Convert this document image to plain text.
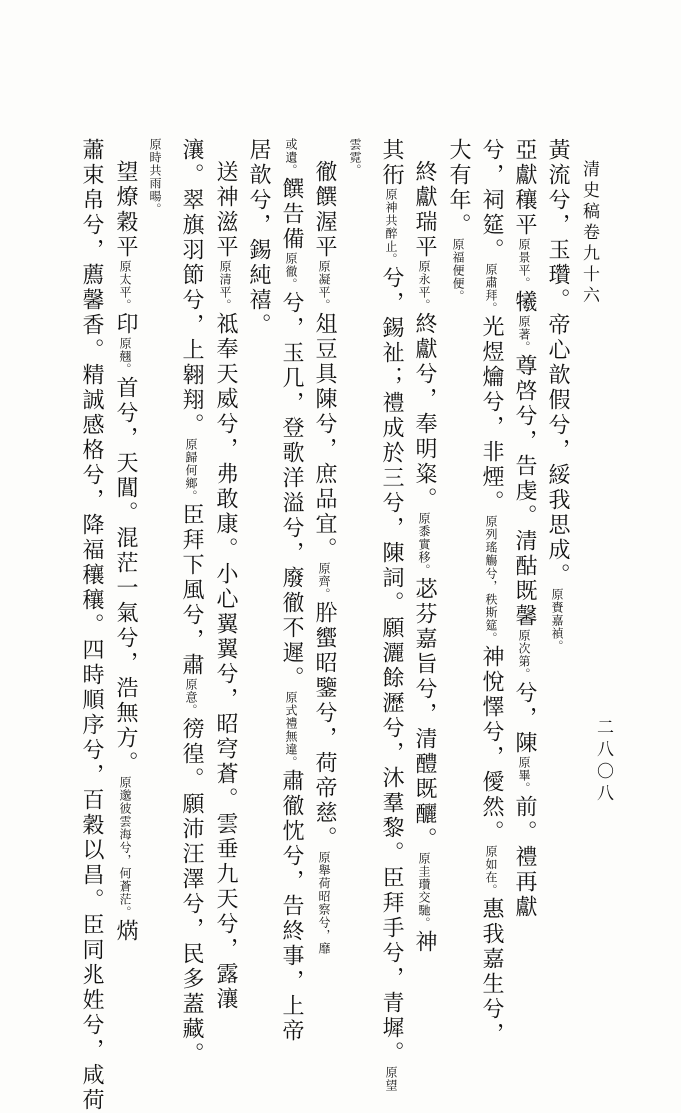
清史稿卷九十六
二八〇八
黃流兮，玉瓚。帝心歆假兮，綏我思成。原賚嘉禎。
亞獻穰平原景平。犧原著。尊啓兮，告虔。清酤既馨原次第。兮，陳原畢。前。禮再獻
兮，祠筵。原肅拜。光煜爚兮，非煙。原列瑤觴兮，秩斯筵。神悅懌兮，僾然。原如在。惠我嘉生兮，
大有年。原福便便。
終獻瑞平原永平。終獻兮，奉明粢。原黍實移。苾芬嘉旨兮，清醴既釃。原圭瓚交馳。神
其衎原神共醉止。兮，錫祉；禮成於三兮，陳詞。願灑餘瀝兮，沐羣黎。臣拜手兮，青墀。原望
雲霓。
徹饌渥平原凝平。俎豆具陳兮，庶品宜。原齊。肸蠁昭鑒兮，荷帝慈。原舉荷昭察兮，靡
或遺。饌告備原徹。兮，玉几，登歌洋溢兮，廢徹不遲。原式禮無違。肅徹忱兮，告終事，上帝
居歆兮，錫純禧。
送神滋平原清平。祗奉天威兮，弗敢康。小心翼翼兮，昭穹蒼。雲垂九天兮，露瀼
瀼。翠旗羽節兮，上翱翔。原歸何鄉。臣拜下風兮，肅原意。徬徨。願沛汪澤兮，民多蓋藏。
原時共雨暘。
望燎穀平原太平。印原翹。首兮，天閶。混茫一氣兮，浩無方。原邈彼雲海兮，何蒼茫。焫
蕭束帛兮，薦馨香。精誠感格兮，降福穰穰。四時順序兮，百穀以昌。臣同兆姓兮，咸荷
